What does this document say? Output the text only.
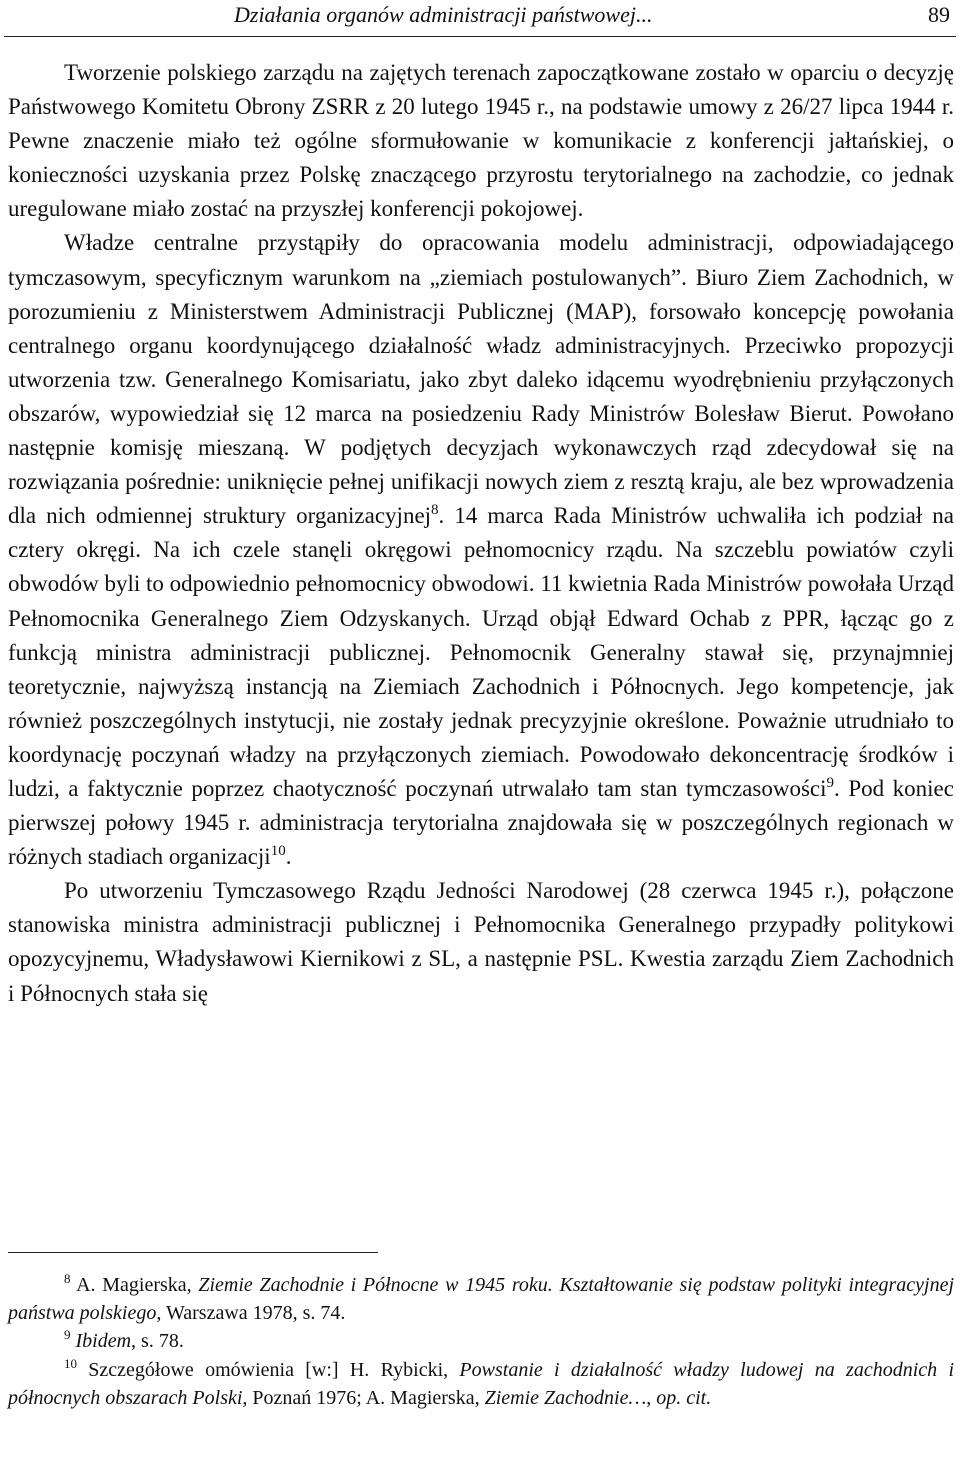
Działania organów administracji państwowej...	89

Tworzenie polskiego zarządu na zajętych terenach zapoczątkowane zostało w oparciu o decyzję Państwowego Komitetu Obrony ZSRR z 20 lutego 1945 r., na podstawie umowy z 26/27 lipca 1944 r. Pewne znaczenie miało też ogólne sformułowanie w komunikacie z konferencji jałtańskiej, o konieczności uzyskania przez Polskę znaczącego przyrostu terytorialnego na zachodzie, co jednak uregulowane miało zostać na przyszłej konferencji pokojowej.

Władze centralne przystąpiły do opracowania modelu administracji, odpowiadającego tymczasowym, specyficznym warunkom na „ziemiach postulowanych”. Biuro Ziem Zachodnich, w porozumieniu z Ministerstwem Administracji Publicznej (MAP), forsowało koncepcję powołania centralnego organu koordynującego działalność władz administracyjnych. Przeciwko propozycji utworzenia tzw. Generalnego Komisariatu, jako zbyt daleko idącemu wyodrębnieniu przyłączonych obszarów, wypowiedział się 12 marca na posiedzeniu Rady Ministrów Bolesław Bierut. Powołano następnie komisję mieszaną. W podjętych decyzjach wykonawczych rząd zdecydował się na rozwiązania pośrednie: uniknięcie pełnej unifikacji nowych ziem z resztą kraju, ale bez wprowadzenia dla nich odmiennej struktury organizacyjnej$^8$. 14 marca Rada Ministrów uchwaliła ich podział na cztery okręgi. Na ich czele stanęli okręgowi pełnomocnicy rządu. Na szczeblu powiatów czyli obwodów byli to odpowiednio pełnomocnicy obwodowi. 11 kwietnia Rada Ministrów powołała Urząd Pełnomocnika Generalnego Ziem Odzyskanych. Urząd objął Edward Ochab z PPR, łącząc go z funkcją ministra administracji publicznej. Pełnomocnik Generalny stawał się, przynajmniej teoretycznie, najwyższą instancją na Ziemiach Zachodnich i Północnych. Jego kompetencje, jak również poszczególnych instytucji, nie zostały jednak precyzyjnie określone. Poważnie utrudniało to koordynację poczynań władzy na przyłączonych ziemiach. Powodowało dekoncentrację środków i ludzi, a faktycznie poprzez chaotyczność poczynań utrwalało tam stan tymczasowości$^9$. Pod koniec pierwszej połowy 1945 r. administracja terytorialna znajdowała się w poszczególnych regionach w różnych stadiach organizacji$^{10}$.

Po utworzeniu Tymczasowego Rządu Jedności Narodowej (28 czerwca 1945 r.), połączone stanowiska ministra administracji publicznej i Pełnomocnika Generalnego przypadły politykowi opozycyjnemu, Władysławowi Kiernikowi z SL, a następnie PSL. Kwestia zarządu Ziem Zachodnich i Północnych stała się

$^8$ A. Magierska, Ziemie Zachodnie i Północne w 1945 roku. Kształtowanie się podstaw polityki integracyjnej państwa polskiego, Warszawa 1978, s. 74.

$^9$ Ibidem, s. 78.

$^{10}$ Szczegółowe omówienia [w:] H. Rybicki, Powstanie i działalność władzy ludowej na zachodnich i północnych obszarach Polski, Poznań 1976; A. Magierska, Ziemie Zachodnie…, op. cit.
